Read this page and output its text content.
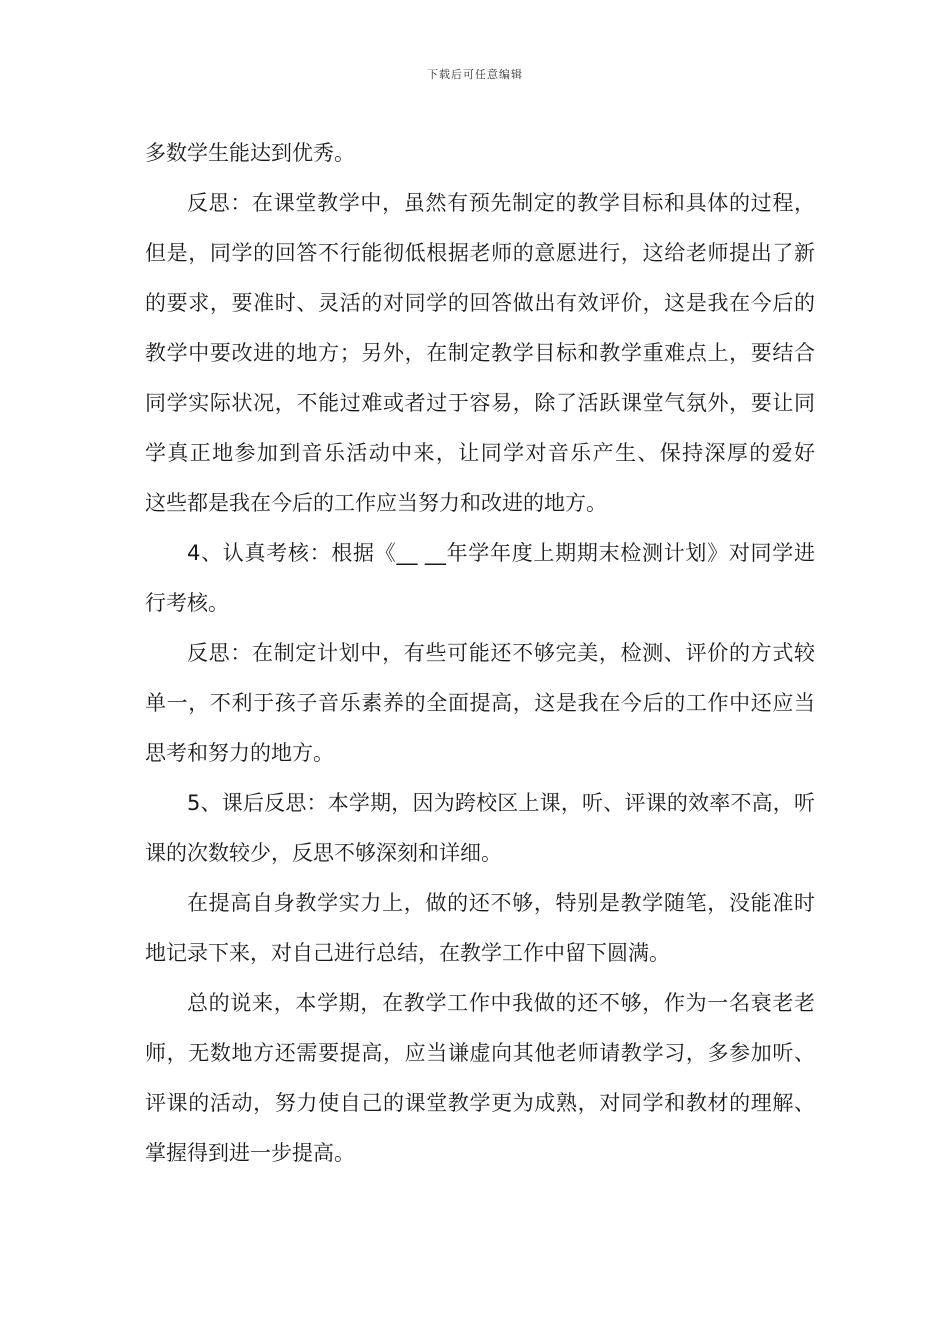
下载后可任意编辑

多数学生能达到优秀。

反思：在课堂教学中，虽然有预先制定的教学目标和具体的过程，但是，同学的回答不行能彻低根据老师的意愿进行，这给老师提出了新的要求，要准时、灵活的对同学的回答做出有效评价，这是我在今后的教学中要改进的地方；另外，在制定教学目标和教学重难点上，要结合同学实际状况，不能过难或者过于容易，除了活跃课堂气氛外，要让同学真正地参加到音乐活动中来，让同学对音乐产生、保持深厚的爱好　这些都是我在今后的工作应当努力和改进的地方。

4、认真考核：根据《__ __年学年度上期期末检测计划》对同学进行考核。

反思：在制定计划中，有些可能还不够完美，检测、评价的方式较单一，不利于孩子音乐素养的全面提高，这是我在今后的工作中还应当思考和努力的地方。

5、课后反思：本学期，因为跨校区上课，听、评课的效率不高，听课的次数较少，反思不够深刻和详细。

在提高自身教学实力上，做的还不够，特别是教学随笔，没能准时地记录下来，对自己进行总结，在教学工作中留下圆满。

总的说来，本学期，在教学工作中我做的还不够，作为一名衰老老师，无数地方还需要提高，应当谦虚向其他老师请教学习，多参加听、评课的活动，努力使自己的课堂教学更为成熟，对同学和教材的理解、掌握得到进一步提高。
